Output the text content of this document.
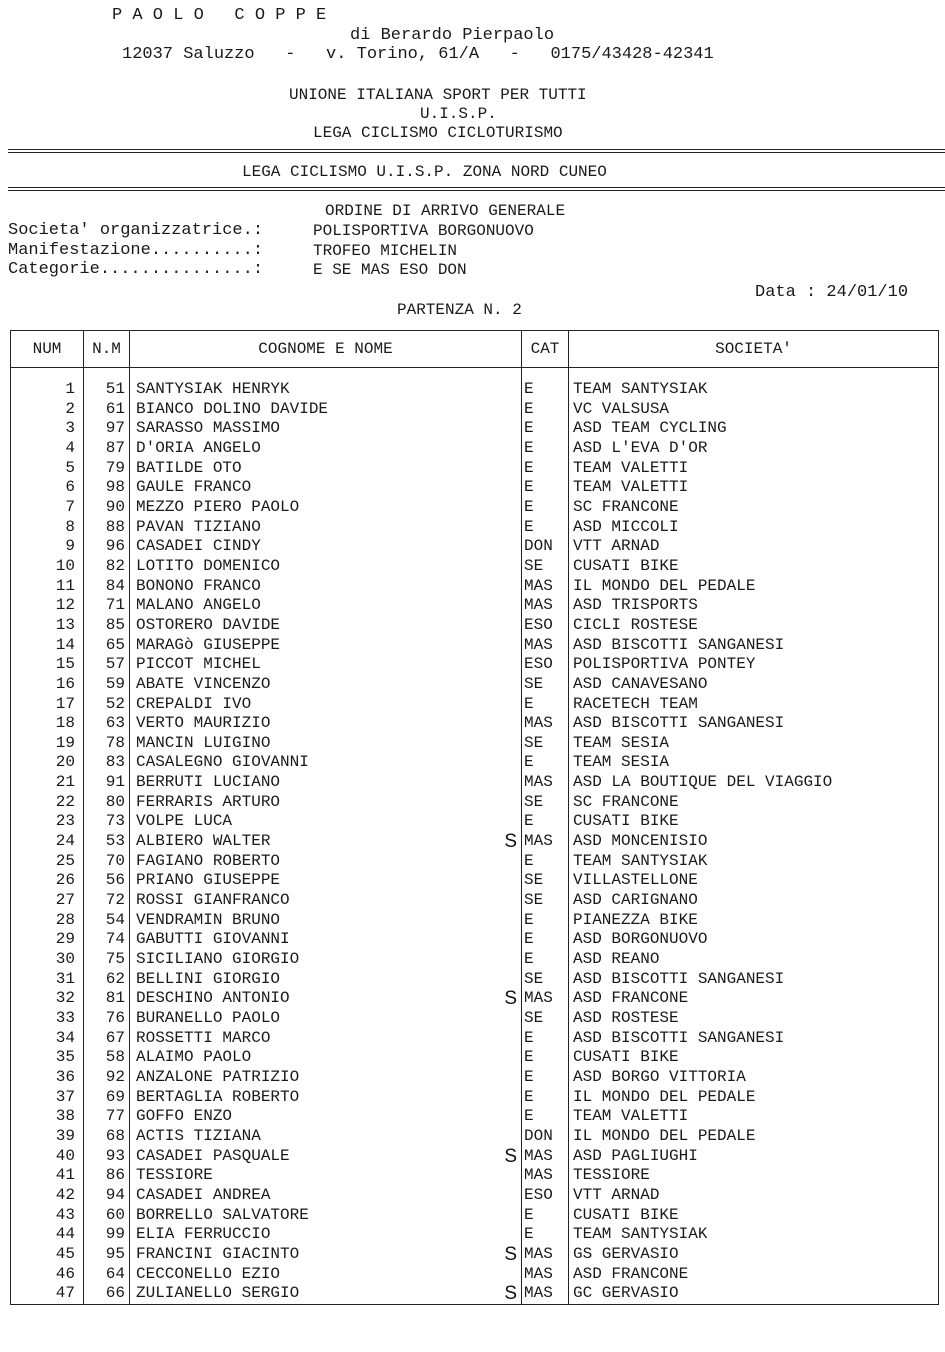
P A O L O   C O P P E
di Berardo Pierpaolo
12037 Saluzzo   -   v. Torino, 61/A   -   0175/43428-42341
UNIONE ITALIANA SPORT PER TUTTI
U.I.S.P.
LEGA CICLISMO CICLOTURISMO
LEGA CICLISMO U.I.S.P. ZONA NORD CUNEO
ORDINE DI ARRIVO GENERALE
Societa' organizzatrice.:	POLISPORTIVA BORGONUOVO
Manifestazione..........:	TROFEO MICHELIN
Categorie...............:	E SE MAS ESO DON
Data : 24/01/10
PARTENZA N. 2
NUM	N.M	COGNOME E NOME	CAT	SOCIETA'
1	51	SANTYSIAK HENRYK	E	TEAM SANTYSIAK
2	61	BIANCO DOLINO DAVIDE	E	VC VALSUSA
3	97	SARASSO MASSIMO	E	ASD TEAM CYCLING
4	87	D'ORIA ANGELO	E	ASD L'EVA D'OR
5	79	BATILDE OTO	E	TEAM VALETTI
6	98	GAULE FRANCO	E	TEAM VALETTI
7	90	MEZZO PIERO PAOLO	E	SC FRANCONE
8	88	PAVAN TIZIANO	E	ASD MICCOLI
9	96	CASADEI CINDY	DON	VTT ARNAD
10	82	LOTITO DOMENICO	SE	CUSATI BIKE
11	84	BONONO FRANCO	MAS	IL MONDO DEL PEDALE
12	71	MALANO ANGELO	MAS	ASD TRISPORTS
13	85	OSTORERO DAVIDE	ESO	CICLI ROSTESE
14	65	MARAGò GIUSEPPE	MAS	ASD BISCOTTI SANGANESI
15	57	PICCOT MICHEL	ESO	POLISPORTIVA PONTEY
16	59	ABATE VINCENZO	SE	ASD CANAVESANO
17	52	CREPALDI IVO	E	RACETECH TEAM
18	63	VERTO MAURIZIO	MAS	ASD BISCOTTI SANGANESI
19	78	MANCIN LUIGINO	SE	TEAM SESIA
20	83	CASALEGNO GIOVANNI	E	TEAM SESIA
21	91	BERRUTI LUCIANO	MAS	ASD LA BOUTIQUE DEL VIAGGIO
22	80	FERRARIS ARTURO	SE	SC FRANCONE
23	73	VOLPE LUCA	E	CUSATI BIKE
24	53	ALBIERO WALTER S	MAS	ASD MONCENISIO
25	70	FAGIANO ROBERTO	E	TEAM SANTYSIAK
26	56	PRIANO GIUSEPPE	SE	VILLASTELLONE
27	72	ROSSI GIANFRANCO	SE	ASD CARIGNANO
28	54	VENDRAMIN BRUNO	E	PIANEZZA BIKE
29	74	GABUTTI GIOVANNI	E	ASD BORGONUOVO
30	75	SICILIANO GIORGIO	E	ASD REANO
31	62	BELLINI GIORGIO	SE	ASD BISCOTTI SANGANESI
32	81	DESCHINO ANTONIO S	MAS	ASD FRANCONE
33	76	BURANELLO PAOLO	SE	ASD ROSTESE
34	67	ROSSETTI MARCO	E	ASD BISCOTTI SANGANESI
35	58	ALAIMO PAOLO	E	CUSATI BIKE
36	92	ANZALONE PATRIZIO	E	ASD BORGO VITTORIA
37	69	BERTAGLIA ROBERTO	E	IL MONDO DEL PEDALE
38	77	GOFFO ENZO	E	TEAM VALETTI
39	68	ACTIS TIZIANA	DON	IL MONDO DEL PEDALE
40	93	CASADEI PASQUALE S	MAS	ASD PAGLIUGHI
41	86	TESSIORE	MAS	TESSIORE
42	94	CASADEI ANDREA	ESO	VTT ARNAD
43	60	BORRELLO SALVATORE	E	CUSATI BIKE
44	99	ELIA FERRUCCIO	E	TEAM SANTYSIAK
45	95	FRANCINI GIACINTO S	MAS	GS GERVASIO
46	64	CECCONELLO EZIO	MAS	ASD FRANCONE
47	66	ZULIANELLO SERGIO S	MAS	GC GERVASIO
